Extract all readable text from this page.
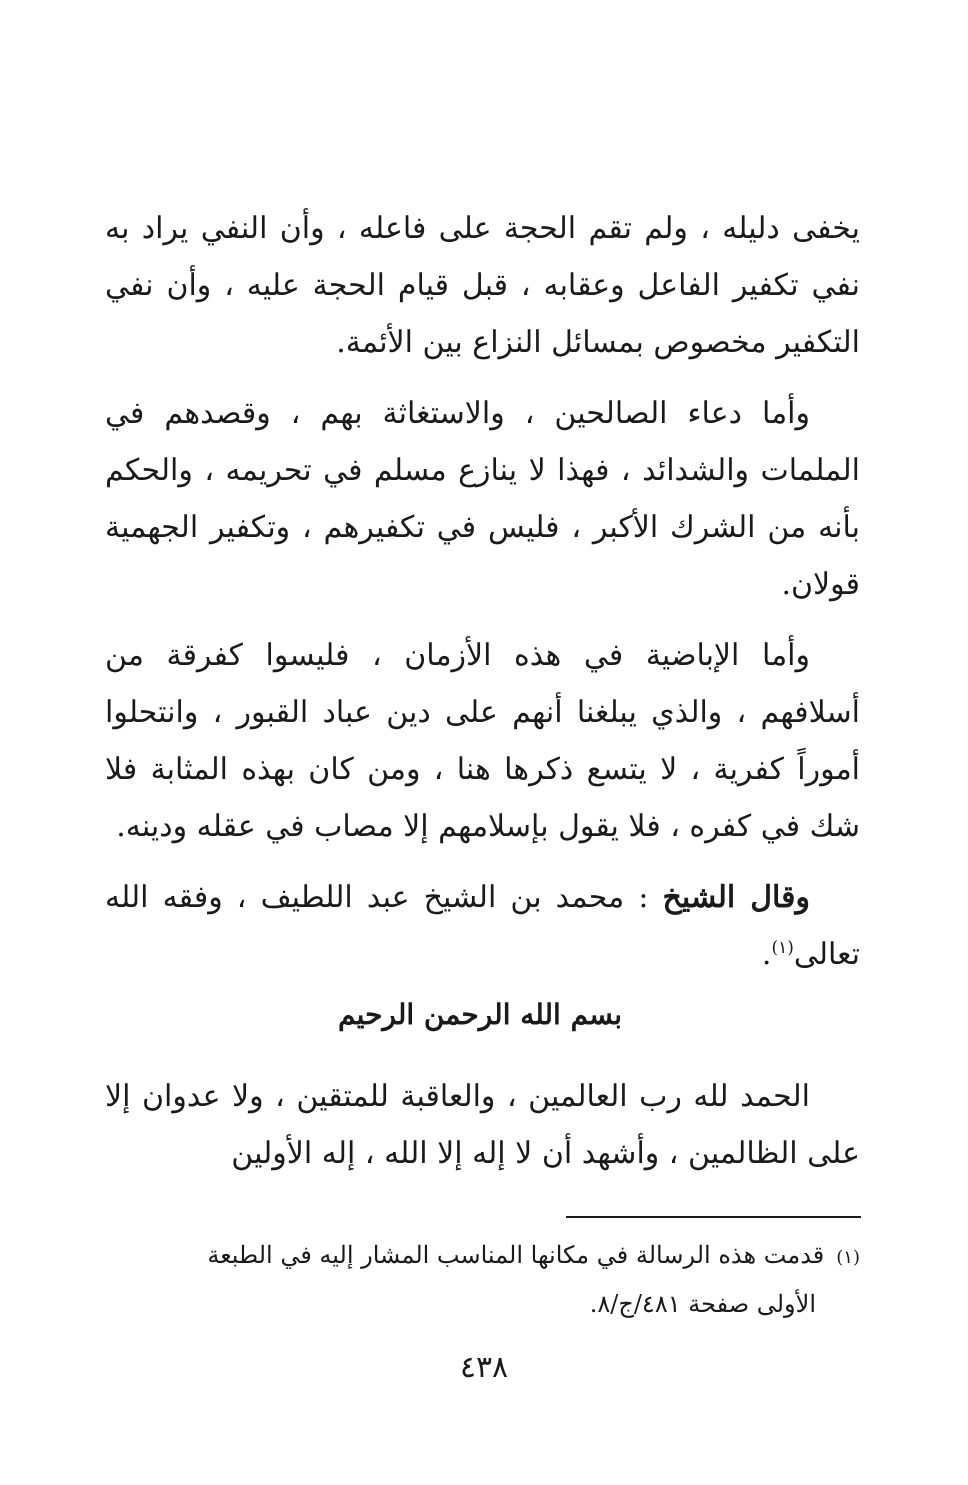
يخفى دليله ، ولم تقم الحجة على فاعله ، وأن النفي يراد به نفي تكفير الفاعل وعقابه ، قبل قيام الحجة عليه ، وأن نفي التكفير مخصوص بمسائل النزاع بين الأئمة.

وأما دعاء الصالحين ، والاستغاثة بهم ، وقصدهم في الملمات والشدائد ، فهذا لا ينازع مسلم في تحريمه ، والحكم بأنه من الشرك الأكبر ، فليس في تكفيرهم ، وتكفير الجهمية قولان.

وأما الإباضية في هذه الأزمان ، فليسوا كفرقة من أسلافهم ، والذي يبلغنا أنهم على دين عباد القبور ، وانتحلوا أموراً كفرية ، لا يتسع ذكرها هنا ، ومن كان بهذه المثابة فلا شك في كفره ، فلا يقول بإسلامهم إلا مصاب في عقله ودينه.

وقال الشيخ : محمد بن الشيخ عبد اللطيف ، وفقه الله تعالى$^{(١)}$.

بسم الله الرحمن الرحيم

الحمد لله رب العالمين ، والعاقبة للمتقين ، ولا عدوان إلا على الظالمين ، وأشهد أن لا إله إلا الله ، إله الأولين

(١)قدمت هذه الرسالة في مكانها المناسب المشار إليه في الطبعة
الأولى صفحة ٤٨١/ج/٨.
٤٣٨
